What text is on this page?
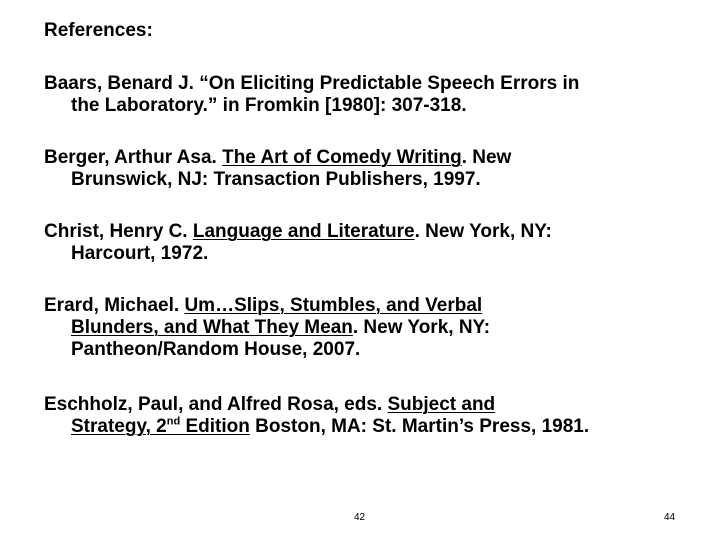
References:
Baars, Benard J. “On Eliciting Predictable Speech Errors in
the Laboratory.” in Fromkin [1980]: 307-318.
Berger, Arthur Asa. The Art of Comedy Writing. New
Brunswick, NJ: Transaction Publishers, 1997.
Christ, Henry C. Language and Literature. New York, NY:
Harcourt, 1972.
Erard, Michael. Um…Slips, Stumbles, and Verbal
Blunders, and What They Mean. New York, NY:
Pantheon/Random House, 2007.
Eschholz, Paul, and Alfred Rosa, eds. Subject and
Strategy, 2nd Edition Boston, MA: St. Martin’s Press, 1981.
42	44
